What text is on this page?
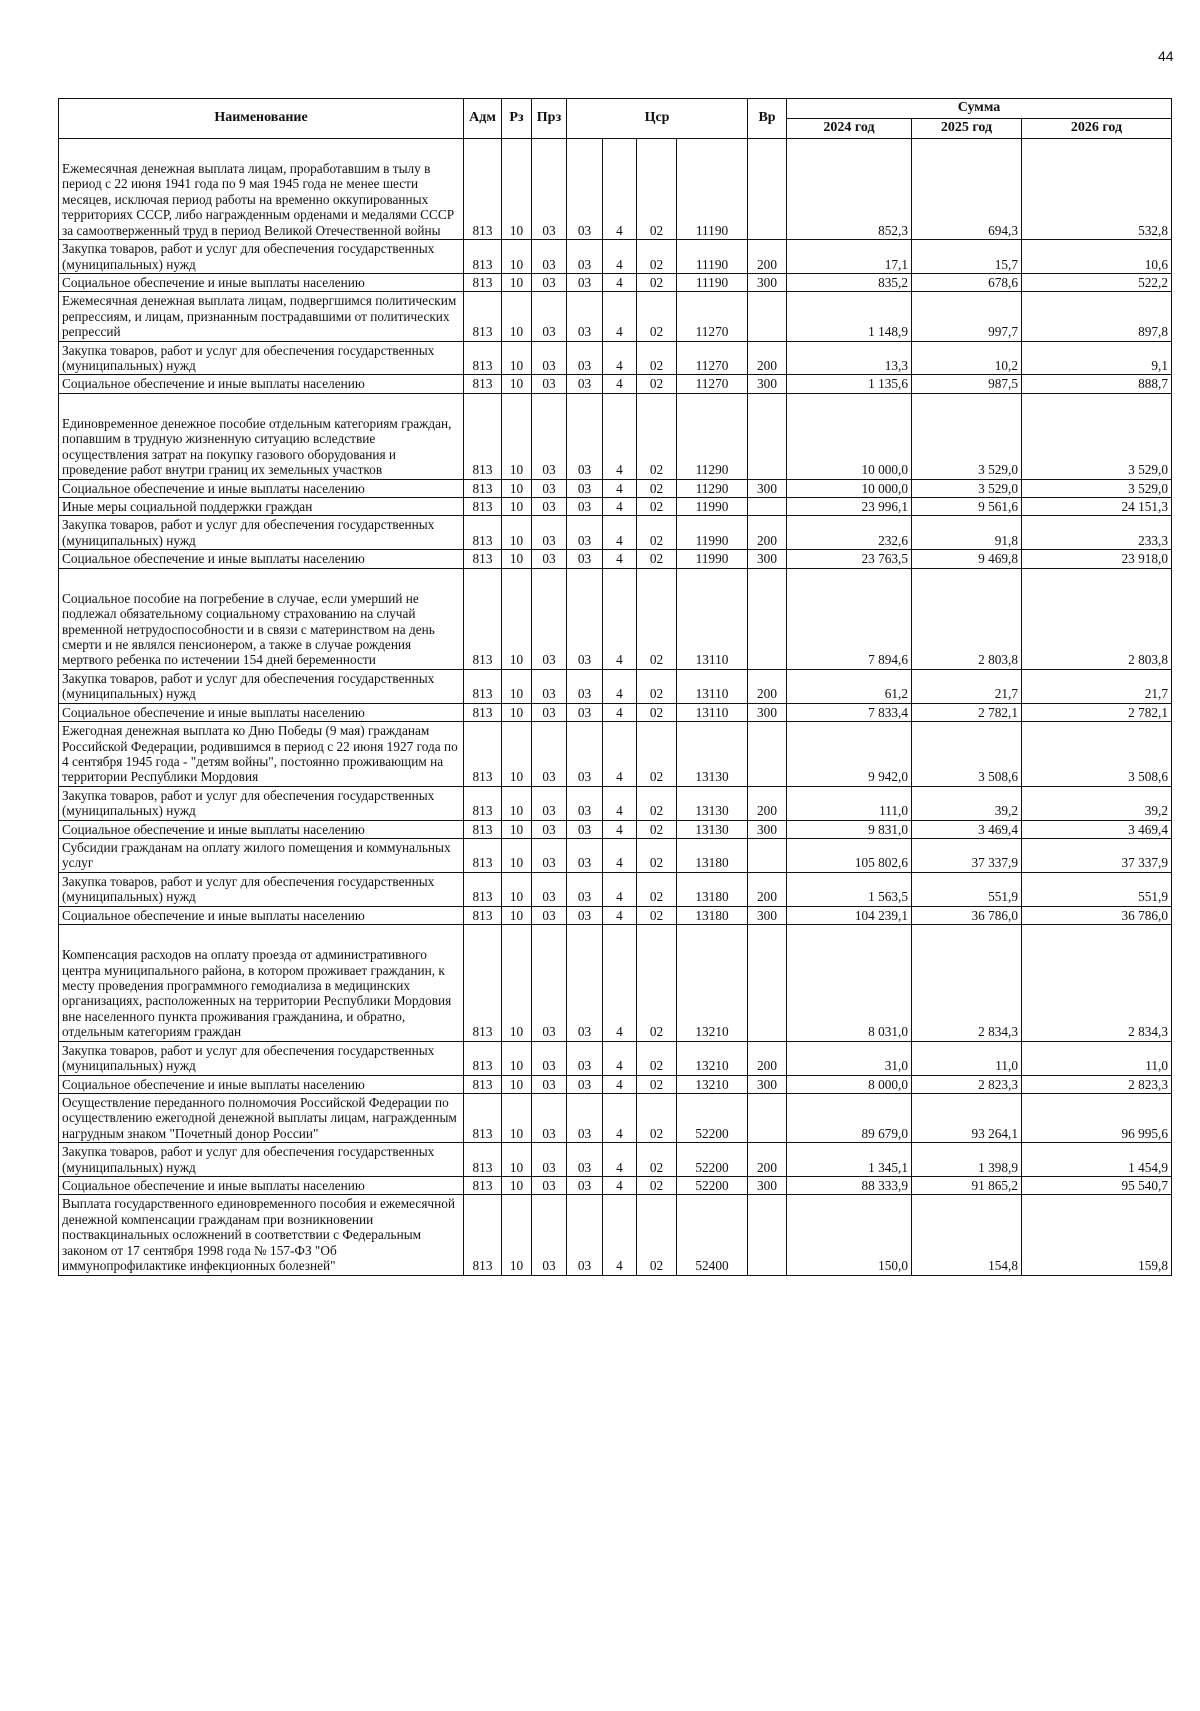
44
Наименование	Адм	Рз	Прз	Цср				Вр	Сумма		
									2024 год	2025 год	2026 год
Ежемесячная денежная выплата лицам, проработавшим в тылу в период с 22 июня 1941 года по 9 мая 1945 года не менее шести месяцев, исключая период работы на временно оккупированных территориях СССР, либо награжденным орденами и медалями СССР за самоотверженный труд в период Великой Отечественной войны	813	10	03	03	4	02	11190		852,3	694,3	532,8
Закупка товаров, работ и услуг для обеспечения государственных (муниципальных) нужд	813	10	03	03	4	02	11190	200	17,1	15,7	10,6
Социальное обеспечение и иные выплаты населению	813	10	03	03	4	02	11190	300	835,2	678,6	522,2
Ежемесячная денежная выплата лицам, подвергшимся политическим репрессиям, и лицам, признанным пострадавшими от политических репрессий	813	10	03	03	4	02	11270		1 148,9	997,7	897,8
Закупка товаров, работ и услуг для обеспечения государственных (муниципальных) нужд	813	10	03	03	4	02	11270	200	13,3	10,2	9,1
Социальное обеспечение и иные выплаты населению	813	10	03	03	4	02	11270	300	1 135,6	987,5	888,7
Единовременное денежное пособие отдельным категориям граждан, попавшим в трудную жизненную ситуацию вследствие осуществления затрат на покупку газового оборудования и проведение работ внутри границ их земельных участков	813	10	03	03	4	02	11290		10 000,0	3 529,0	3 529,0
Социальное обеспечение и иные выплаты населению	813	10	03	03	4	02	11290	300	10 000,0	3 529,0	3 529,0
Иные меры социальной поддержки граждан	813	10	03	03	4	02	11990		23 996,1	9 561,6	24 151,3
Закупка товаров, работ и услуг для обеспечения государственных (муниципальных) нужд	813	10	03	03	4	02	11990	200	232,6	91,8	233,3
Социальное обеспечение и иные выплаты населению	813	10	03	03	4	02	11990	300	23 763,5	9 469,8	23 918,0
Социальное пособие на погребение в случае, если умерший не подлежал обязательному социальному страхованию на случай временной нетрудоспособности и в связи с материнством на день смерти и не являлся пенсионером, а также в случае рождения мертвого ребенка по истечении 154 дней беременности	813	10	03	03	4	02	13110		7 894,6	2 803,8	2 803,8
Закупка товаров, работ и услуг для обеспечения государственных (муниципальных) нужд	813	10	03	03	4	02	13110	200	61,2	21,7	21,7
Социальное обеспечение и иные выплаты населению	813	10	03	03	4	02	13110	300	7 833,4	2 782,1	2 782,1
Ежегодная денежная выплата ко Дню Победы (9 мая) гражданам Российской Федерации, родившимся в период с 22 июня 1927 года по 4 сентября 1945 года - "детям войны", постоянно проживающим на территории Республики Мордовия	813	10	03	03	4	02	13130		9 942,0	3 508,6	3 508,6
Закупка товаров, работ и услуг для обеспечения государственных (муниципальных) нужд	813	10	03	03	4	02	13130	200	111,0	39,2	39,2
Социальное обеспечение и иные выплаты населению	813	10	03	03	4	02	13130	300	9 831,0	3 469,4	3 469,4
Субсидии гражданам на оплату жилого помещения и коммунальных услуг	813	10	03	03	4	02	13180		105 802,6	37 337,9	37 337,9
Закупка товаров, работ и услуг для обеспечения государственных (муниципальных) нужд	813	10	03	03	4	02	13180	200	1 563,5	551,9	551,9
Социальное обеспечение и иные выплаты населению	813	10	03	03	4	02	13180	300	104 239,1	36 786,0	36 786,0
Компенсация расходов на оплату проезда от административного центра муниципального района, в котором проживает гражданин, к месту проведения программного гемодиализа в медицинских организациях, расположенных на территории Республики Мордовия вне населенного пункта проживания гражданина, и обратно, отдельным категориям граждан	813	10	03	03	4	02	13210		8 031,0	2 834,3	2 834,3
Закупка товаров, работ и услуг для обеспечения государственных (муниципальных) нужд	813	10	03	03	4	02	13210	200	31,0	11,0	11,0
Социальное обеспечение и иные выплаты населению	813	10	03	03	4	02	13210	300	8 000,0	2 823,3	2 823,3
Осуществление переданного полномочия Российской Федерации по осуществлению ежегодной денежной выплаты лицам, награжденным нагрудным знаком "Почетный донор России"	813	10	03	03	4	02	52200		89 679,0	93 264,1	96 995,6
Закупка товаров, работ и услуг для обеспечения государственных (муниципальных) нужд	813	10	03	03	4	02	52200	200	1 345,1	1 398,9	1 454,9
Социальное обеспечение и иные выплаты населению	813	10	03	03	4	02	52200	300	88 333,9	91 865,2	95 540,7
Выплата государственного единовременного пособия и ежемесячной денежной компенсации гражданам при возникновении поствакцинальных осложнений в соответствии с Федеральным законом от 17 сентября 1998 года № 157-ФЗ "Об иммунопрофилактике инфекционных болезней"	813	10	03	03	4	02	52400		150,0	154,8	159,8
